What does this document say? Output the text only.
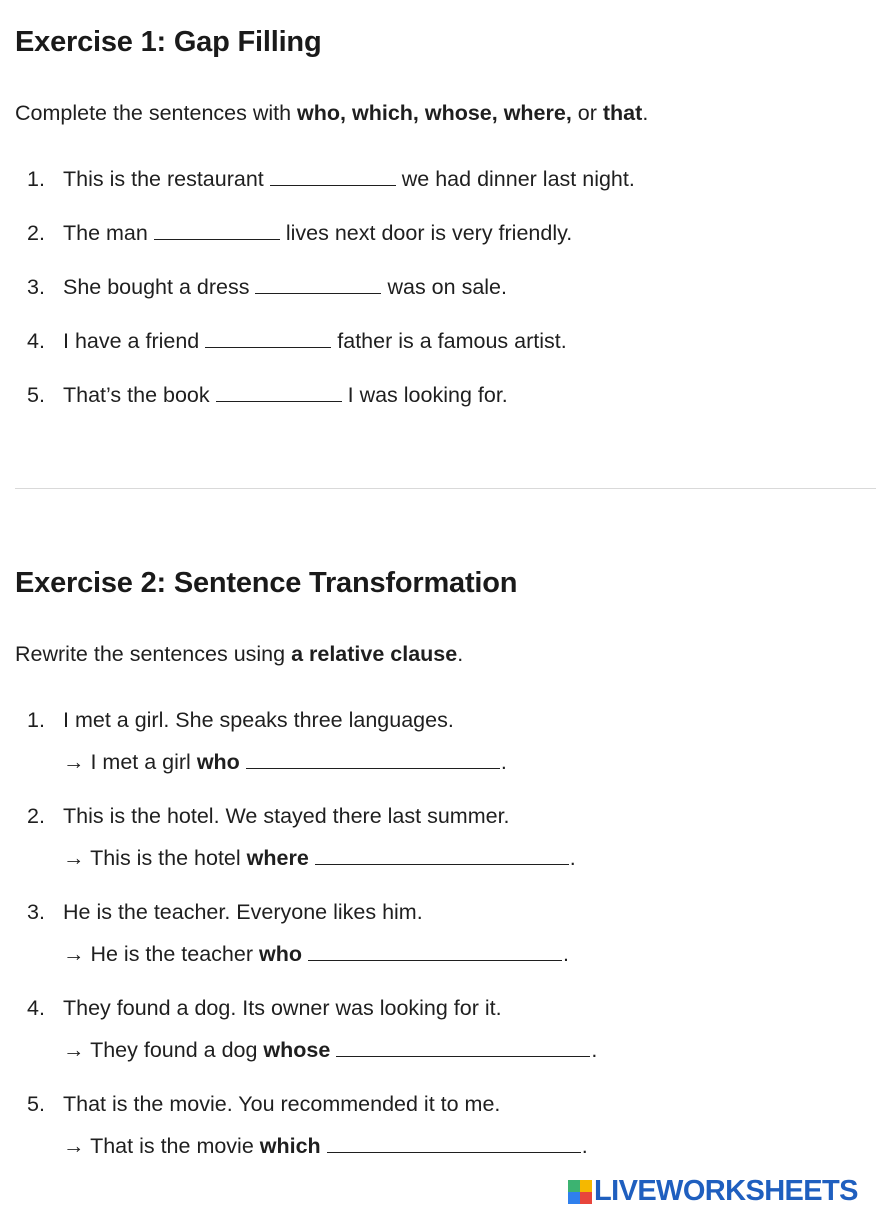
Exercise 1: Gap Filling
Complete the sentences with who, which, whose, where, or that.
1. This is the restaurant	we had dinner last night.
2. The man	lives next door is very friendly.
3. She bought a dress	was on sale.
4. I have a friend	father is a famous artist.
5. That’s the book	I was looking for.
Exercise 2: Sentence Transformation
Rewrite the sentences using a relative clause.
1. I met a girl. She speaks three languages.
→ I met a girl who	.
2. This is the hotel. We stayed there last summer.
→ This is the hotel where	.
3. He is the teacher. Everyone likes him.
→ He is the teacher who	.
4. They found a dog. Its owner was looking for it.
→ They found a dog whose	.
5. That is the movie. You recommended it to me.
→ That is the movie which	.
LIVEWORKSHEETS
